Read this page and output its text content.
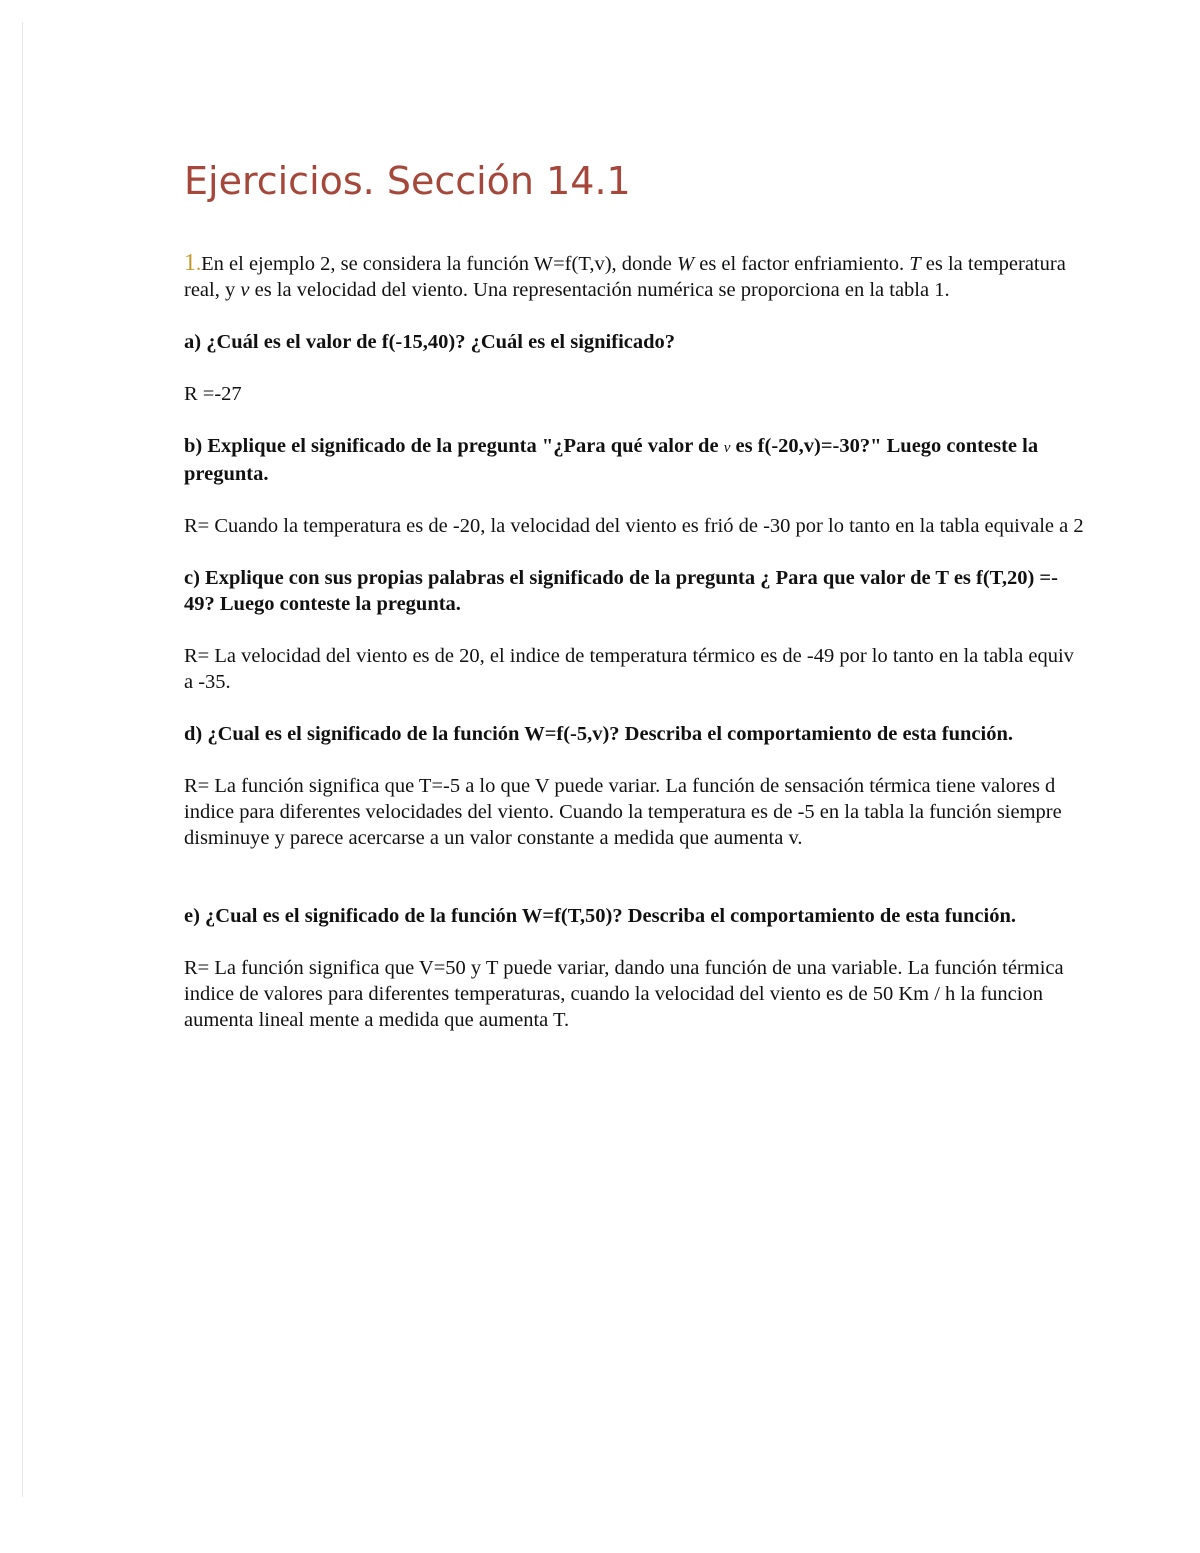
Ejercicios. Sección 14.1

1.En el ejemplo 2, se considera la función W=f(T,v), donde W es el factor enfriamiento. T es la temperatura

real, y v es la velocidad del viento. Una representación numérica se proporciona en la tabla 1.

a) ¿Cuál es el valor de f(-15,40)? ¿Cuál es el significado?

R =-27

b) Explique el significado de la pregunta "¿Para qué valor de v es f(-20,v)=-30?" Luego conteste la

pregunta.

R= Cuando la temperatura es de -20, la velocidad del viento es frió de -30 por lo tanto en la tabla equivale a 2

c) Explique con sus propias palabras el significado de la pregunta ¿ Para que valor de T es f(T,20) =-

49? Luego conteste la pregunta.

R= La velocidad del viento es de 20, el indice de temperatura térmico es de -49 por lo tanto en la tabla equiv

a -35.

d) ¿Cual es el significado de la función W=f(-5,v)? Describa el comportamiento de esta función.

R= La función significa que T=-5 a lo que V puede variar. La función de sensación térmica tiene valores d

indice para diferentes velocidades del viento. Cuando la temperatura es de -5 en la tabla la función siempre

disminuye y parece acercarse a un valor constante a medida que aumenta v.

e) ¿Cual es el significado de la función W=f(T,50)? Describa el comportamiento de esta función.

R= La función significa que V=50 y T puede variar, dando una función de una variable. La función térmica

indice de valores para diferentes temperaturas, cuando la velocidad del viento es de 50 Km / h la funcion

aumenta lineal mente a medida que aumenta T.
